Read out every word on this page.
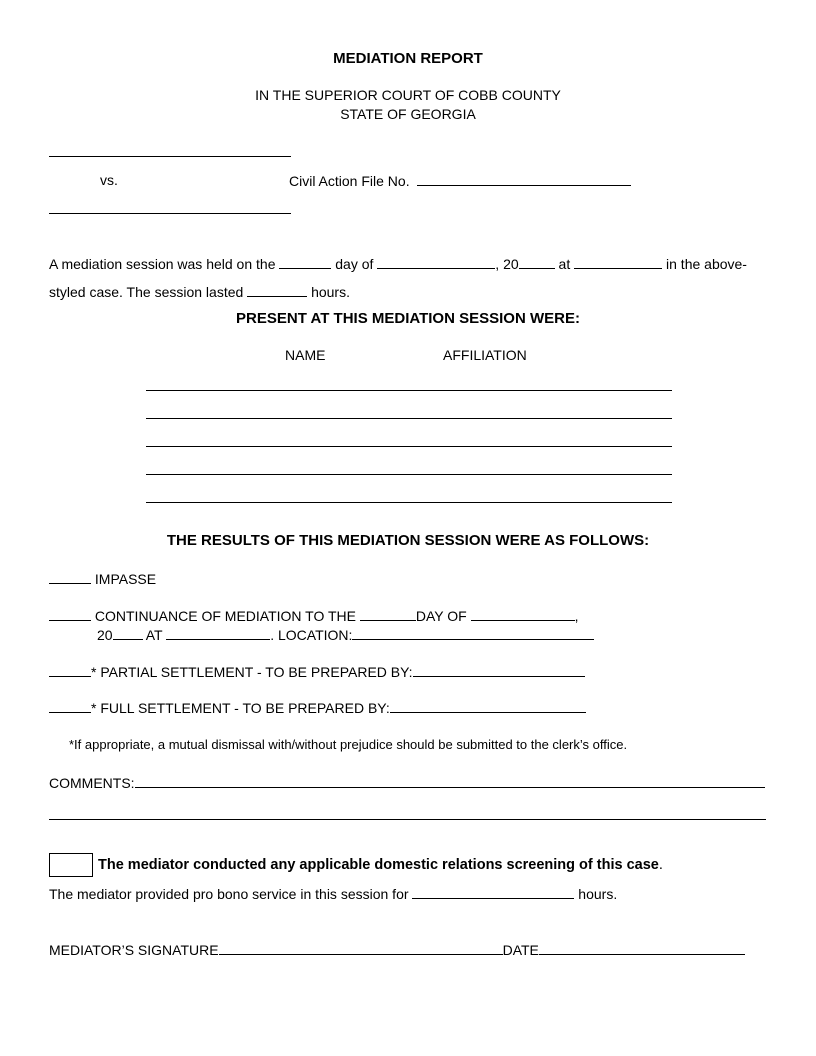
MEDIATION REPORT
IN THE SUPERIOR COURT OF COBB COUNTY
STATE OF GEORGIA
vs.	Civil Action File No.
A mediation session was held on the	day of	, 20	at	in the above-
styled case. The session lasted	hours.
PRESENT AT THIS MEDIATION SESSION WERE:
NAME	AFFILIATION
THE RESULTS OF THIS MEDIATION SESSION WERE AS FOLLOWS:
IMPASSE
CONTINUANCE OF MEDIATION TO THE	DAY OF	,
20 AT	. LOCATION:
* PARTIAL SETTLEMENT - TO BE PREPARED BY:
* FULL SETTLEMENT - TO BE PREPARED BY:
*If appropriate, a mutual dismissal with/without prejudice should be submitted to the clerk’s office.
COMMENTS:
The mediator conducted any applicable domestic relations screening of this case.
The mediator provided pro bono service in this session for	hours.
MEDIATOR’S SIGNATURE	DATE
